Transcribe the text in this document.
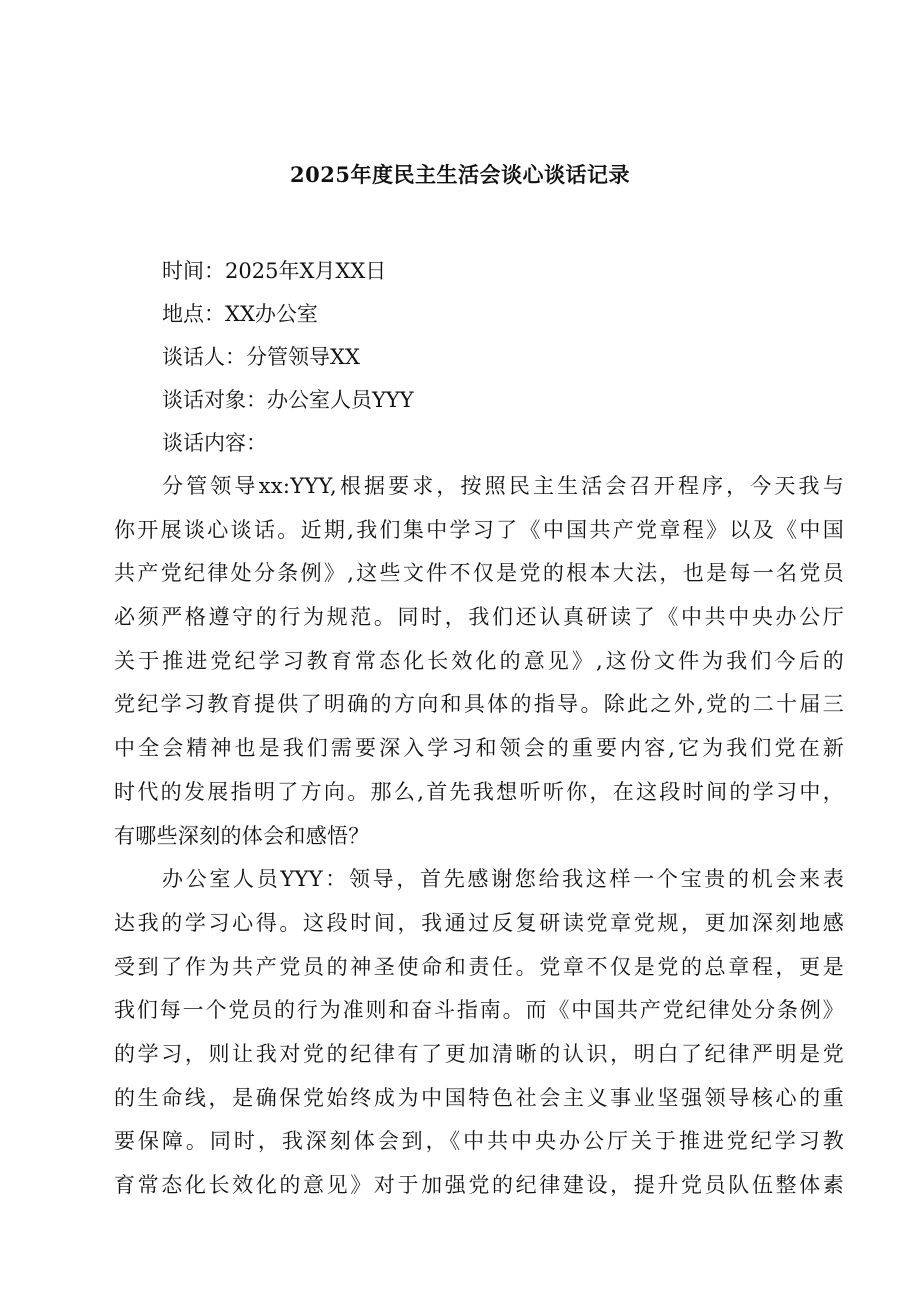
2025年度民主生活会谈心谈话记录
时间：2025年X月XX日
地点：XX办公室
谈话人：分管领导XX
谈话对象：办公室人员YYY
谈话内容：
分管领导xx:YYY,根据要求，按照民主生活会召开程序，今天我与
你开展谈心谈话。近期,我们集中学习了《中国共产党章程》以及《中国
共产党纪律处分条例》,这些文件不仅是党的根本大法，也是每一名党员
必须严格遵守的行为规范。同时，我们还认真研读了《中共中央办公厅
关于推进党纪学习教育常态化长效化的意见》,这份文件为我们今后的
党纪学习教育提供了明确的方向和具体的指导。除此之外,党的二十届三
中全会精神也是我们需要深入学习和领会的重要内容,它为我们党在新
时代的发展指明了方向。那么,首先我想听听你，在这段时间的学习中，
有哪些深刻的体会和感悟？
办公室人员YYY：领导，首先感谢您给我这样一个宝贵的机会来表
达我的学习心得。这段时间，我通过反复研读党章党规，更加深刻地感
受到了作为共产党员的神圣使命和责任。党章不仅是党的总章程，更是
我们每一个党员的行为准则和奋斗指南。而《中国共产党纪律处分条例》
的学习，则让我对党的纪律有了更加清晰的认识，明白了纪律严明是党
的生命线，是确保党始终成为中国特色社会主义事业坚强领导核心的重
要保障。同时，我深刻体会到，《中共中央办公厅关于推进党纪学习教
育常态化长效化的意见》对于加强党的纪律建设，提升党员队伍整体素
